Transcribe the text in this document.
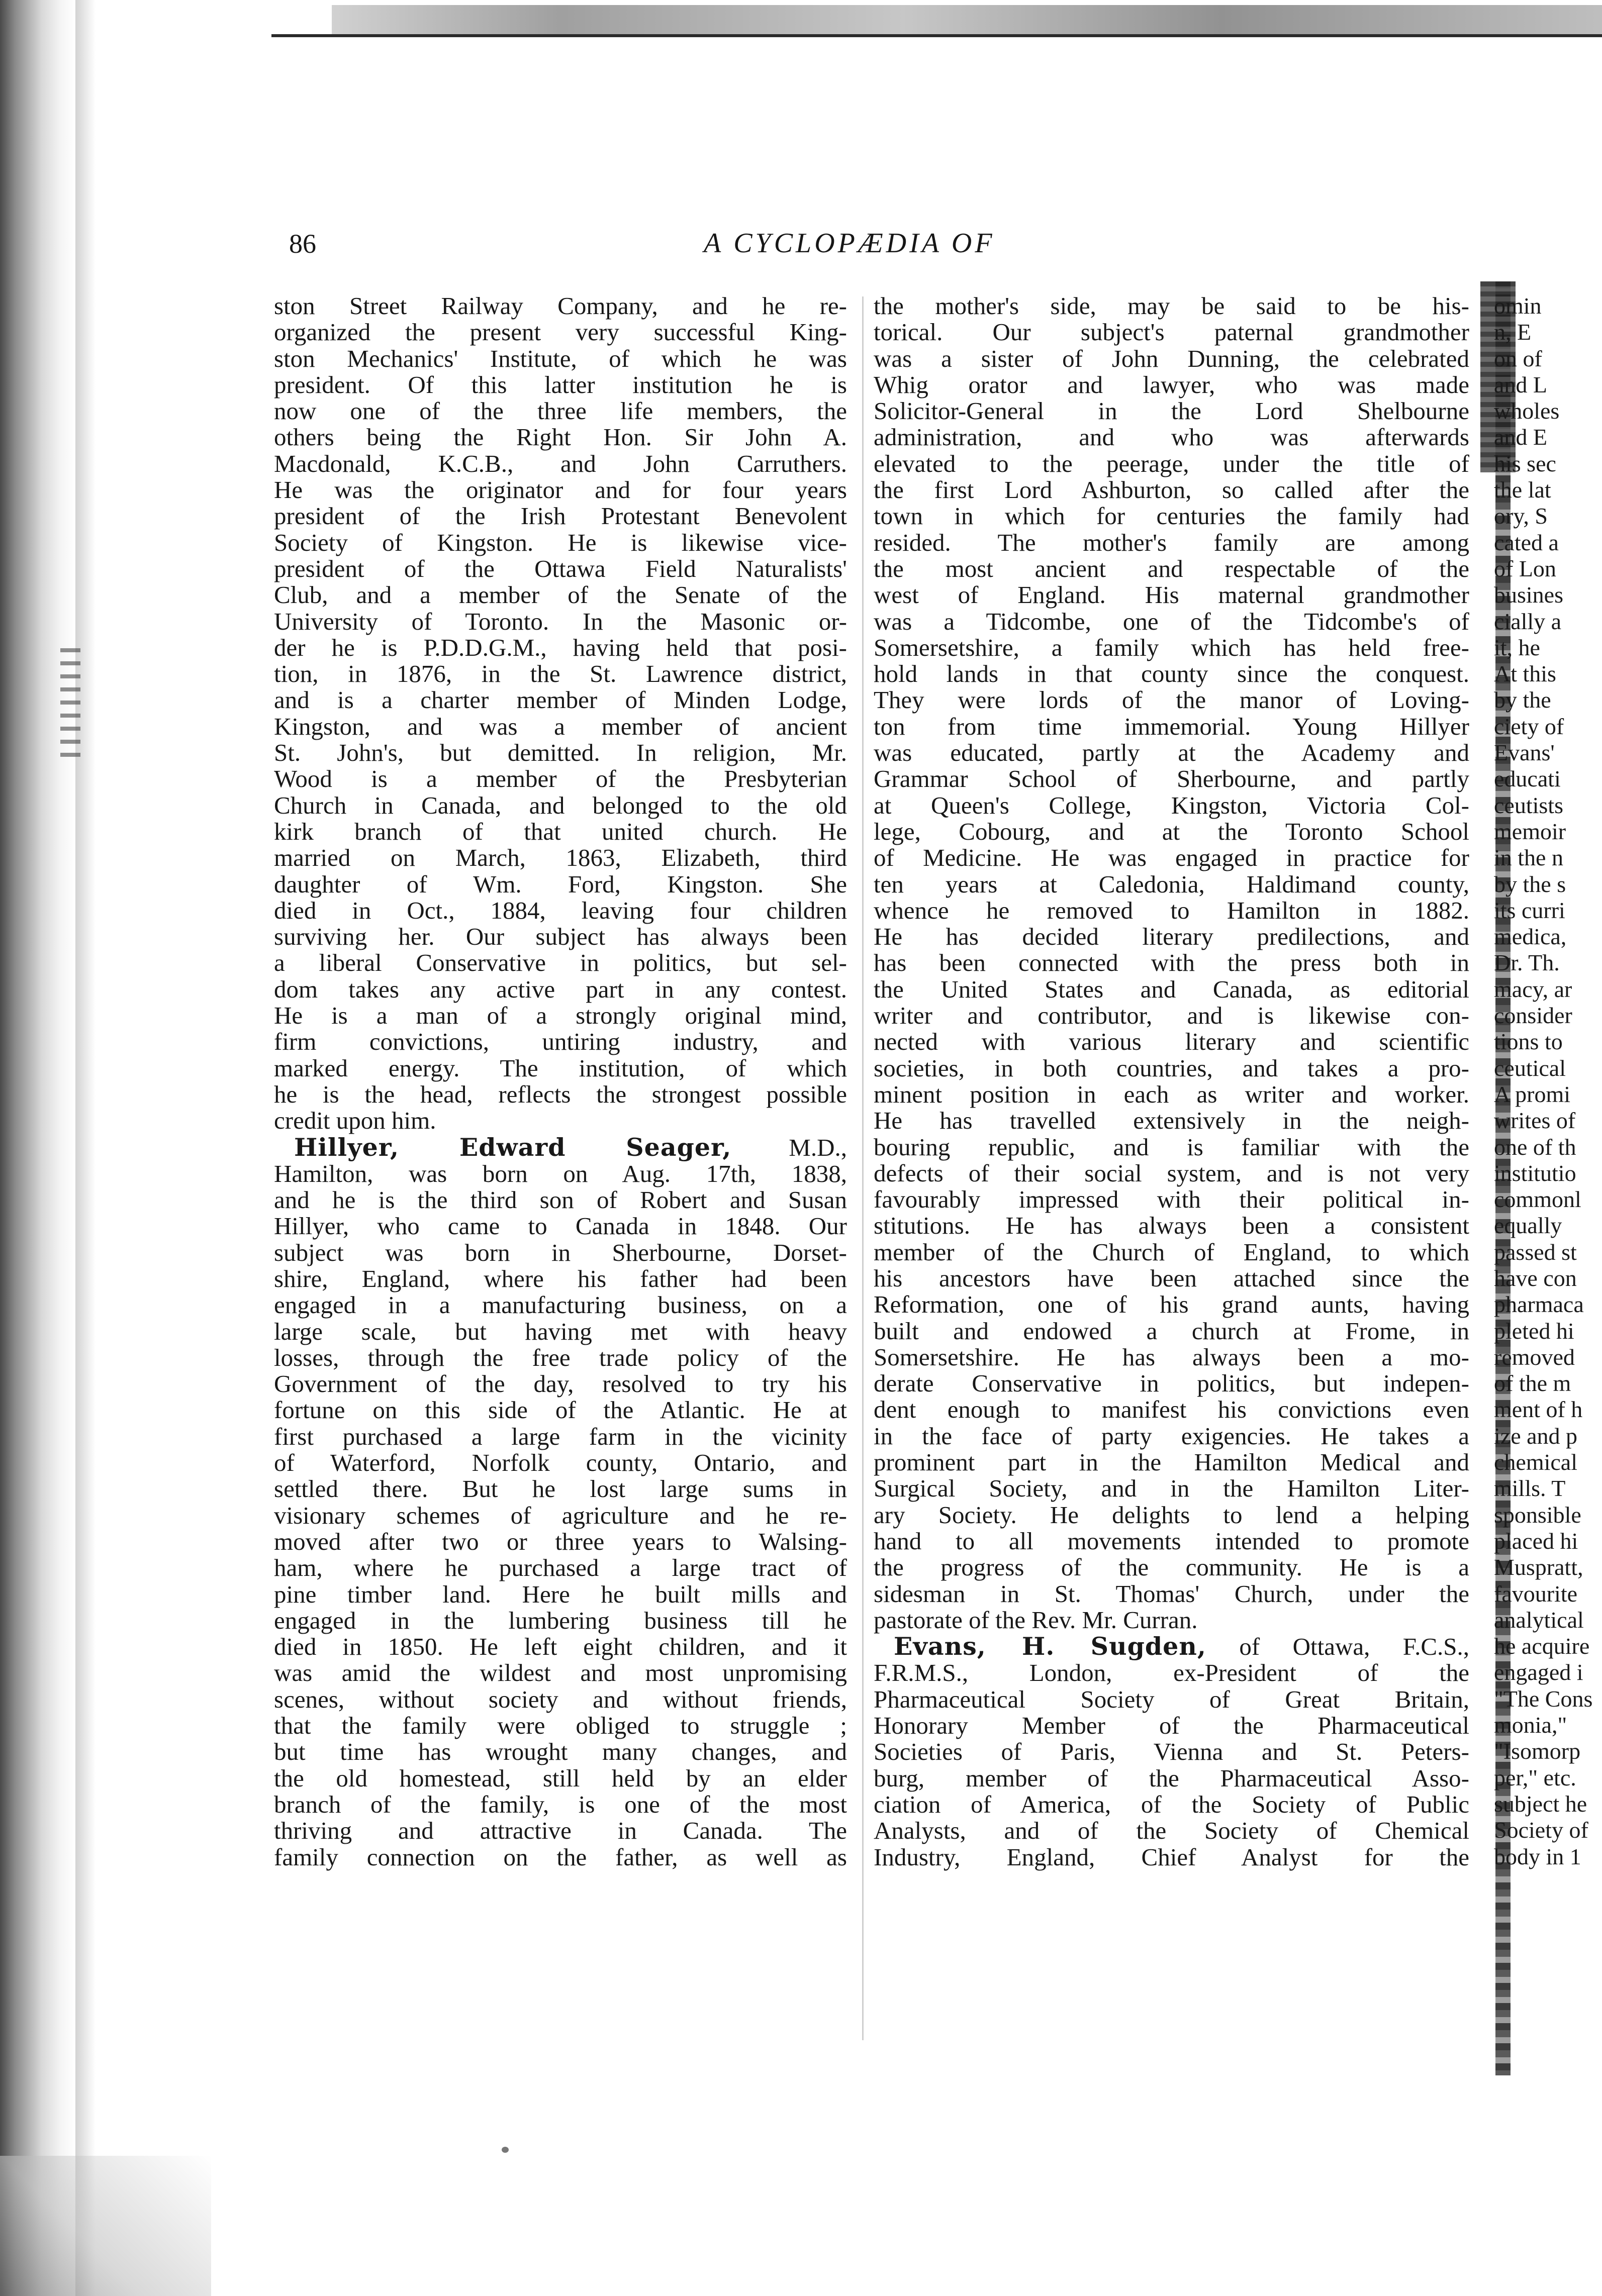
86	A CYCLOPÆDIA OF
ston Street Railway Company, and he re-
organized the present very successful King-
ston Mechanics' Institute, of which he was
president. Of this latter institution he is
now one of the three life members, the
others being the Right Hon. Sir John A.
Macdonald, K.C.B., and John Carruthers.
He was the originator and for four years
president of the Irish Protestant Benevolent
Society of Kingston. He is likewise vice-
president of the Ottawa Field Naturalists'
Club, and a member of the Senate of the
University of Toronto. In the Masonic or-
der he is P.D.D.G.M., having held that posi-
tion, in 1876, in the St. Lawrence district,
and is a charter member of Minden Lodge,
Kingston, and was a member of ancient
St. John's, but demitted. In religion, Mr.
Wood is a member of the Presbyterian
Church in Canada, and belonged to the old
kirk branch of that united church. He
married on March, 1863, Elizabeth, third
daughter of Wm. Ford, Kingston. She
died in Oct., 1884, leaving four children
surviving her. Our subject has always been
a liberal Conservative in politics, but sel-
dom takes any active part in any contest.
He is a man of a strongly original mind,
firm convictions, untiring industry, and
marked energy. The institution, of which
he is the head, reflects the strongest possible
credit upon him.
Hillyer, Edward Seager, M.D.,
Hamilton, was born on Aug. 17th, 1838,
and he is the third son of Robert and Susan
Hillyer, who came to Canada in 1848. Our
subject was born in Sherbourne, Dorset-
shire, England, where his father had been
engaged in a manufacturing business, on a
large scale, but having met with heavy
losses, through the free trade policy of the
Government of the day, resolved to try his
fortune on this side of the Atlantic. He at
first purchased a large farm in the vicinity
of Waterford, Norfolk county, Ontario, and
settled there. But he lost large sums in
visionary schemes of agriculture and he re-
moved after two or three years to Walsing-
ham, where he purchased a large tract of
pine timber land. Here he built mills and
engaged in the lumbering business till he
died in 1850. He left eight children, and it
was amid the wildest and most unpromising
scenes, without society and without friends,
that the family were obliged to struggle ;
but time has wrought many changes, and
the old homestead, still held by an elder
branch of the family, is one of the most
thriving and attractive in Canada. The
family connection on the father, as well as
the mother's side, may be said to be his-
torical. Our subject's paternal grandmother
was a sister of John Dunning, the celebrated
Whig orator and lawyer, who was made
Solicitor-General in the Lord Shelbourne
administration, and who was afterwards
elevated to the peerage, under the title of
the first Lord Ashburton, so called after the
town in which for centuries the family had
resided. The mother's family are among
the most ancient and respectable of the
west of England. His maternal grandmother
was a Tidcombe, one of the Tidcombe's of
Somersetshire, a family which has held free-
hold lands in that county since the conquest.
They were lords of the manor of Loving-
ton from time immemorial. Young Hillyer
was educated, partly at the Academy and
Grammar School of Sherbourne, and partly
at Queen's College, Kingston, Victoria Col-
lege, Cobourg, and at the Toronto School
of Medicine. He was engaged in practice for
ten years at Caledonia, Haldimand county,
whence he removed to Hamilton in 1882.
He has decided literary predilections, and
has been connected with the press both in
the United States and Canada, as editorial
writer and contributor, and is likewise con-
nected with various literary and scientific
societies, in both countries, and takes a pro-
minent position in each as writer and worker.
He has travelled extensively in the neigh-
bouring republic, and is familiar with the
defects of their social system, and is not very
favourably impressed with their political in-
stitutions. He has always been a consistent
member of the Church of England, to which
his ancestors have been attached since the
Reformation, one of his grand aunts, having
built and endowed a church at Frome, in
Somersetshire. He has always been a mo-
derate Conservative in politics, but indepen-
dent enough to manifest his convictions even
in the face of party exigencies. He takes a
prominent part in the Hamilton Medical and
Surgical Society, and in the Hamilton Liter-
ary Society. He delights to lend a helping
hand to all movements intended to promote
the progress of the community. He is a
sidesman in St. Thomas' Church, under the
pastorate of the Rev. Mr. Curran.
Evans, H. Sugden, of Ottawa, F.C.S.,
F.R.M.S., London, ex-President of the
Pharmaceutical Society of Great Britain,
Honorary Member of the Pharmaceutical
Societies of Paris, Vienna and St. Peters-
burg, member of the Pharmaceutical Asso-
ciation of America, of the Society of Public
Analysts, and of the Society of Chemical
Industry, England, Chief Analyst for the
omin
n, E
on of
and L
wholes
and E
his sec
the lat
ory, S
cated a
of Lon
busines
cially a
it, he
At this
by the
ciety of
Evans'
educati
ceutists
memoir
in the n
by the s
its curri
medica,
Dr. Th.
macy, ar
consider
tions to
ceutical
A promi
writes of
one of th
institutio
commonl
equally
passed st
have con
pharmaca
pleted hi
removed
of the m
ment of h
ize and p
chemical
mills. T
sponsible
placed hi
Muspratt,
favourite
analytical
he acquire
engaged i
"The Cons
monia,"
"Isomorp
per," etc.
subject he
Society of
body in 1
